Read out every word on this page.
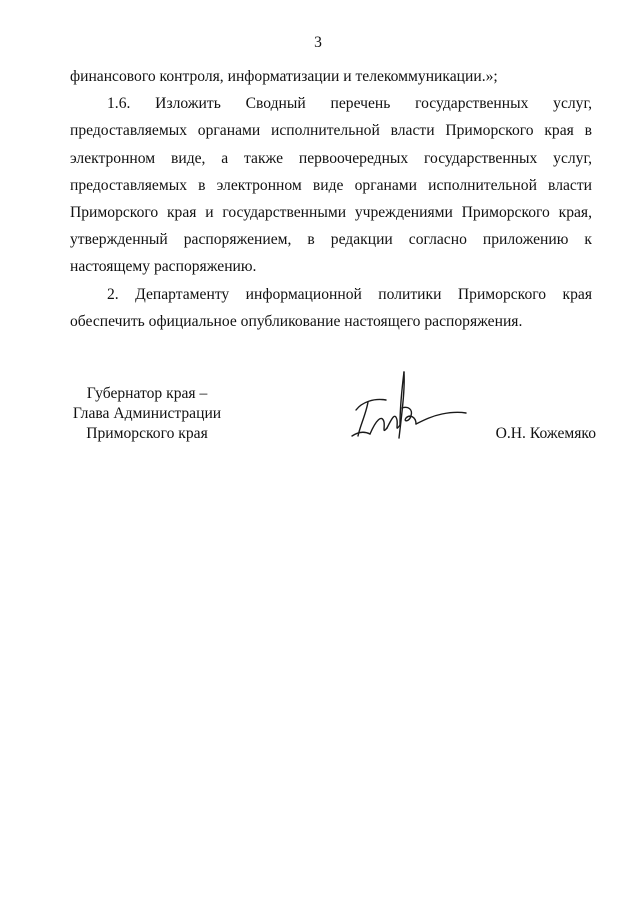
3

финансового контроля, информатизации и телекоммуникации.»;

1.6. Изложить Сводный перечень государственных услуг, предоставляемых органами исполнительной власти Приморского края в электронном виде, а также первоочередных государственных услуг, предоставляемых в электронном виде органами исполнительной власти Приморского края и государственными учреждениями Приморского края, утвержденный распоряжением, в редакции согласно приложению к настоящему распоряжению.

2. Департаменту информационной политики Приморского края обеспечить официальное опубликование настоящего распоряжения.

Губернатор края –
Глава Администрации
Приморского края	О.Н. Кожемяко
